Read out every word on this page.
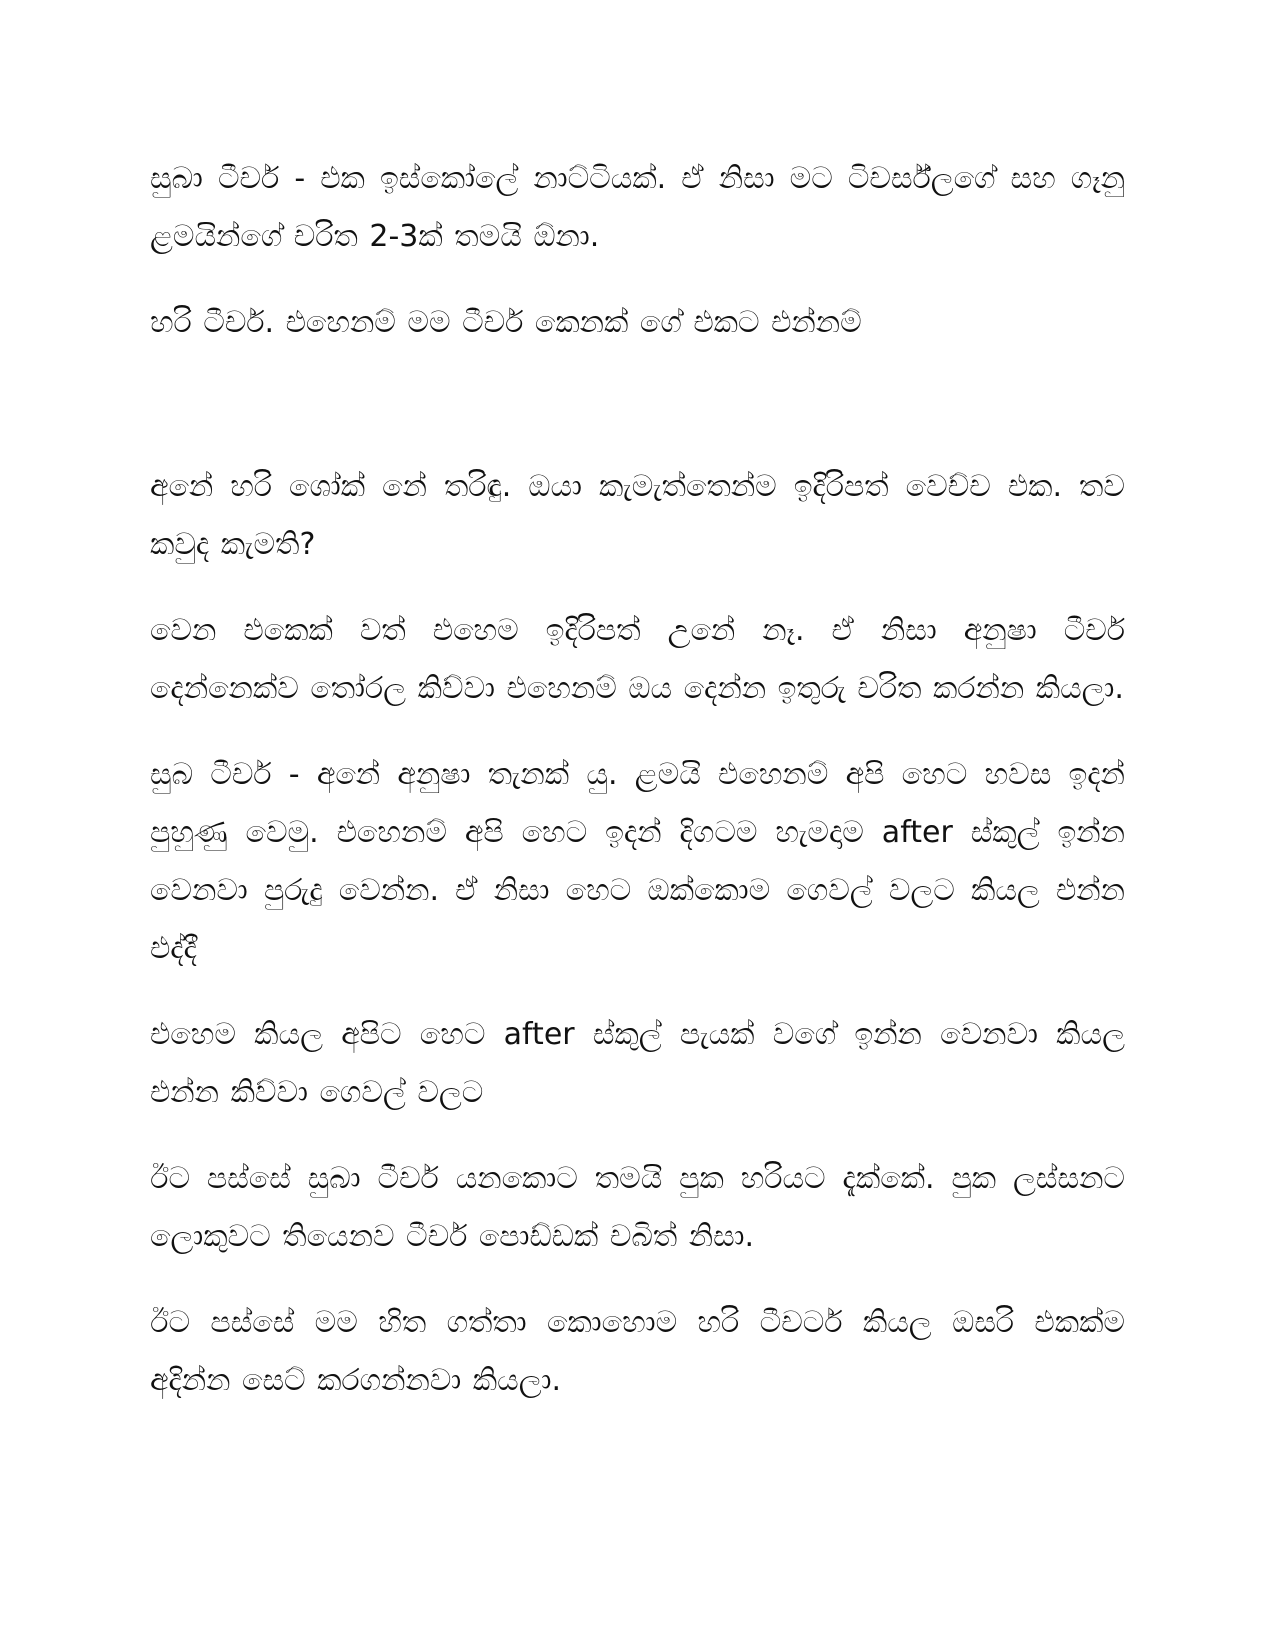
සුබා ටීචර් - එක ඉස්කෝලේ නාට්ටියක්. ඒ නිසා මට ටිචර්ස්ලගේ සහ ගෑනු ළමයින්ගේ චරිත 2-3ක් තමයි ඕනා.

හරි ටීචර්. එහෙනම් මම ටීචර් කෙනක් ගේ එකට එන්නම්

අනේ හරි ශෝක් නේ තරිඳු. ඔයා කැමැත්තෙන්ම ඉදිරිපත් වෙච්ච එක. තව කවුද කැමති?

වෙන එකෙක් වත් එහෙම ඉදිරිපත් උනේ නෑ. ඒ නිසා අනුෂා ටීචර් දෙන්නෙක්ව තෝරල කිව්වා එහෙනම් ඔය දෙන්න ඉතුරු චරිත කරන්න කියලා.

සුබ ටීචර් - අනේ අනුෂා තැනක් යු. ළමයි එහෙනම් අපි හෙට හවස ඉදන් පුහුණු වෙමු. එහෙනම් අපි හෙට ඉදන් දිගටම හැමදාම after ස්කුල් ඉන්න වෙනවා පුරුදු වෙන්න. ඒ නිසා හෙට ඔක්කොම ගෙවල් වලට කියල එන්න එද්දී

එහෙම කියල අපිට හෙට after ස්කුල් පැයක් වගේ ඉන්න වෙනවා කියල එන්න කිව්වා ගෙවල් වලට

ඊට පස්සේ සුබා ටීචර් යනකොට තමයි පුක හරියට දැක්කේ. පුක ලස්සනට ලොකුවට තියෙනව ටීචර් පොඩ්ඩක් චබිත් නිසා.

ඊට පස්සේ මම හිත ගත්තා කොහොම හරි ටීචර්ට කියල ඔසරි එකක්ම අදින්න සෙට් කරගන්නවා කියලා.
